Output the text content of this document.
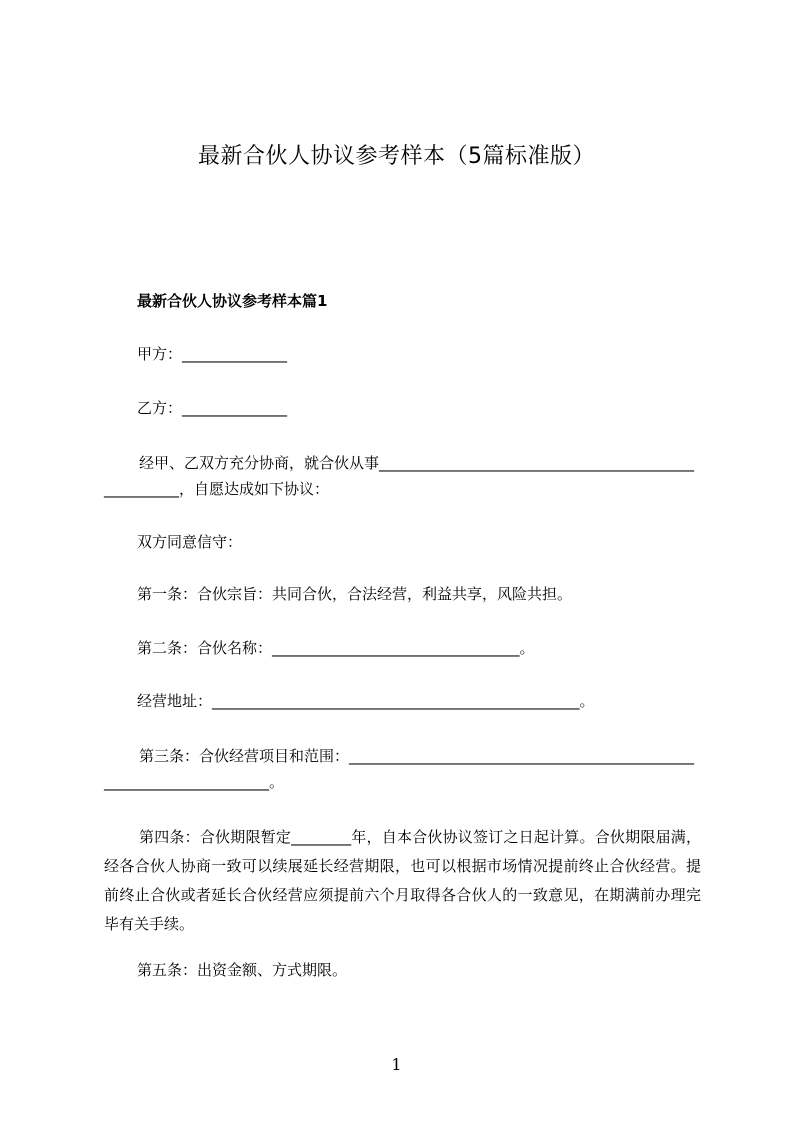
最新合伙人协议参考样本（5篇标准版）
最新合伙人协议参考样本篇1
甲方：______________
乙方：______________
经甲、乙双方充分协商，就合伙从事____________________________________________________，自愿达成如下协议：
双方同意信守：
第一条：合伙宗旨：共同合伙，合法经营，利益共享，风险共担。
第二条：合伙名称：_________________________________。
经营地址：_________________________________________________。
第三条：合伙经营项目和范围：____________________________________________________________________。
第四条：合伙期限暂定________年，自本合伙协议签订之日起计算。合伙期限届满，经各合伙人协商一致可以续展延长经营期限，也可以根据市场情况提前终止合伙经营。提前终止合伙或者延长合伙经营应须提前六个月取得各合伙人的一致意见，在期满前办理完毕有关手续。
第五条：出资金额、方式期限。
1
